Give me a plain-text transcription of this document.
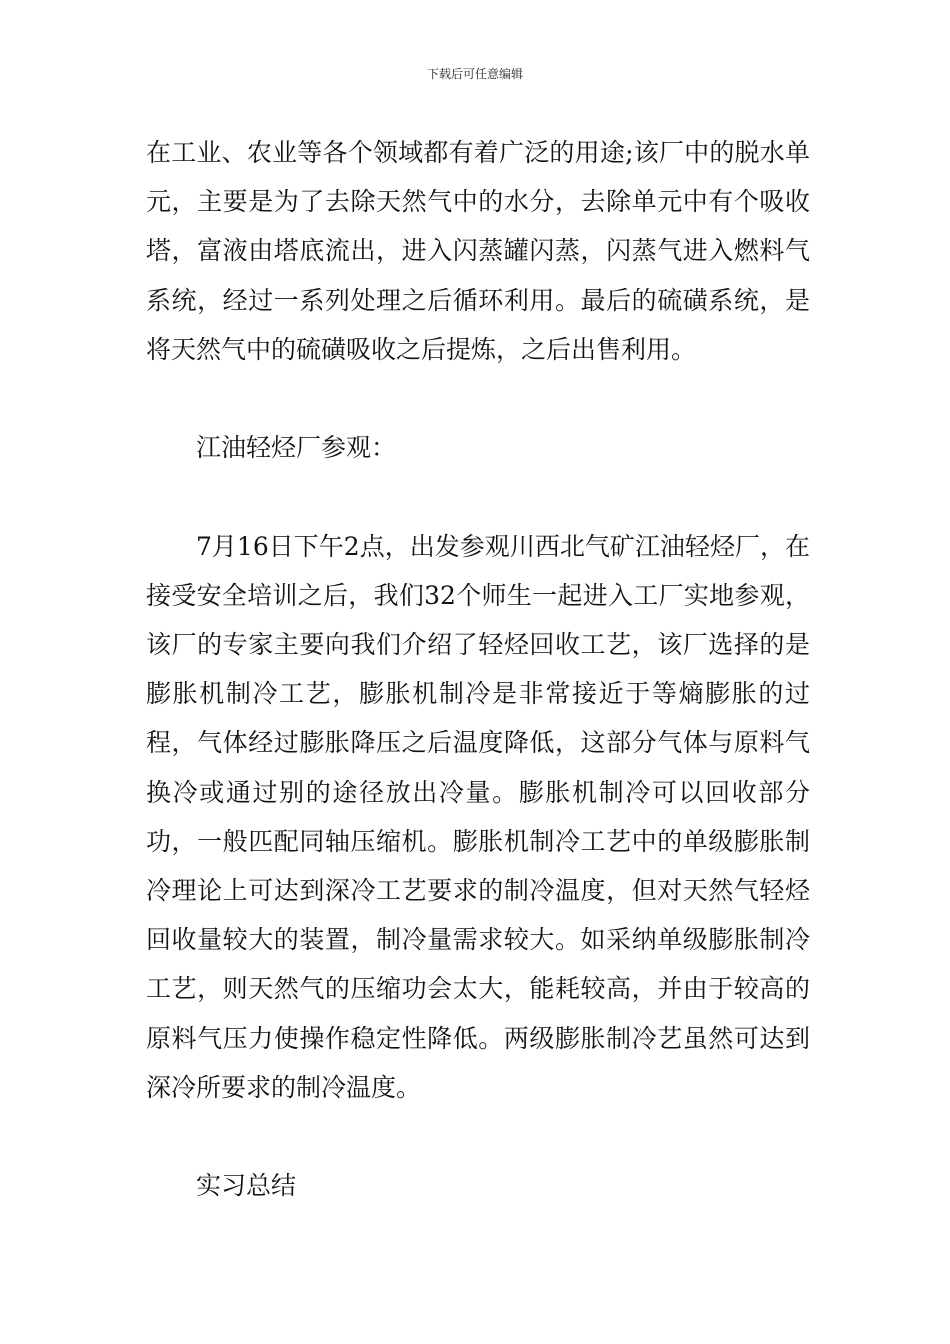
下载后可任意编辑

在工业、农业等各个领域都有着广泛的用途;该厂中的脱水单元，主要是为了去除天然气中的水分，去除单元中有个吸收塔，富液由塔底流出，进入闪蒸罐闪蒸，闪蒸气进入燃料气系统，经过一系列处理之后循环利用。最后的硫磺系统，是将天然气中的硫磺吸收之后提炼，之后出售利用。

江油轻烃厂参观：

7月16日下午2点，出发参观川西北气矿江油轻烃厂，在接受安全培训之后，我们32个师生一起进入工厂实地参观，该厂的专家主要向我们介绍了轻烃回收工艺，该厂选择的是膨胀机制冷工艺，膨胀机制冷是非常接近于等熵膨胀的过程，气体经过膨胀降压之后温度降低，这部分气体与原料气换冷或通过别的途径放出冷量。膨胀机制冷可以回收部分功，一般匹配同轴压缩机。膨胀机制冷工艺中的单级膨胀制冷理论上可达到深冷工艺要求的制冷温度，但对天然气轻烃回收量较大的装置，制冷量需求较大。如采纳单级膨胀制冷工艺，则天然气的压缩功会太大，能耗较高，并由于较高的原料气压力使操作稳定性降低。两级膨胀制冷艺虽然可达到深冷所要求的制冷温度。

实习总结
